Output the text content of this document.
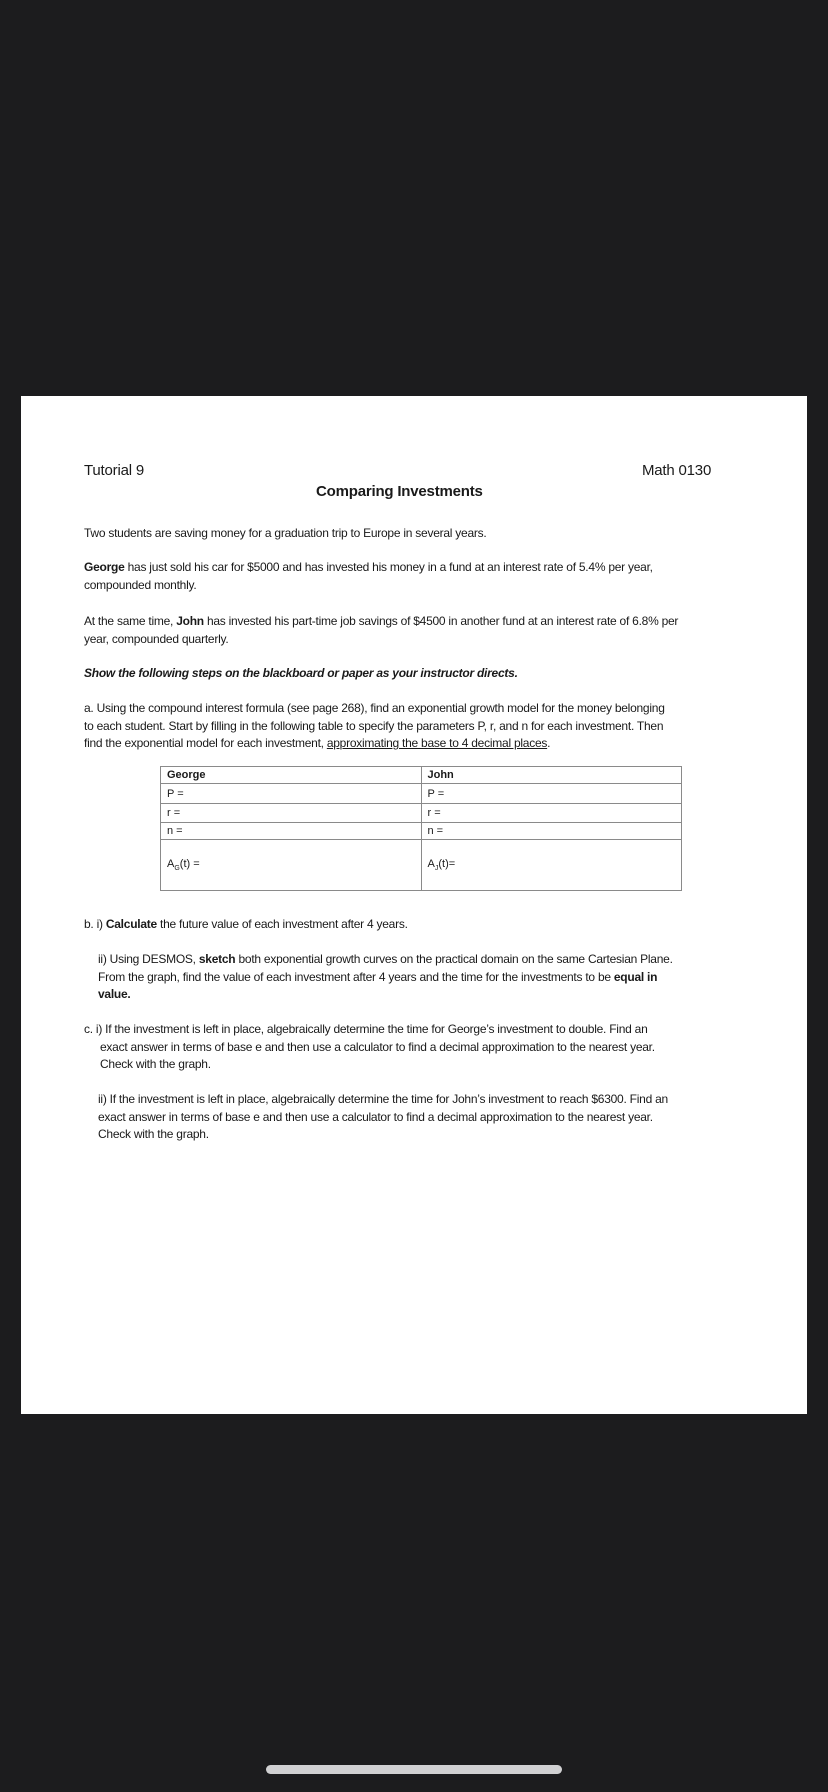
Tutorial 9	Math 0130
Comparing Investments
Two students are saving money for a graduation trip to Europe in several years.
George has just sold his car for $5000 and has invested his money in a fund at an interest rate of 5.4% per year,
compounded monthly.
At the same time, John has invested his part-time job savings of $4500 in another fund at an interest rate of 6.8% per
year, compounded quarterly.
Show the following steps on the blackboard or paper as your instructor directs.
a. Using the compound interest formula (see page 268), find an exponential growth model for the money belonging
to each student. Start by filling in the following table to specify the parameters P, r, and n for each investment. Then
find the exponential model for each investment, approximating the base to 4 decimal places.
George	John
P =	P =
r =	r =
n =	n =
$A_G(t)$ =	$A_J(t)=$
b. i) Calculate the future value of each investment after 4 years.
ii) Using DESMOS, sketch both exponential growth curves on the practical domain on the same Cartesian Plane.
From the graph, find the value of each investment after 4 years and the time for the investments to be equal in
value.
c. i) If the investment is left in place, algebraically determine the time for George’s investment to double. Find an
exact answer in terms of base e and then use a calculator to find a decimal approximation to the nearest year.
Check with the graph.
ii) If the investment is left in place, algebraically determine the time for John’s investment to reach $6300. Find an
exact answer in terms of base e and then use a calculator to find a decimal approximation to the nearest year.
Check with the graph.
